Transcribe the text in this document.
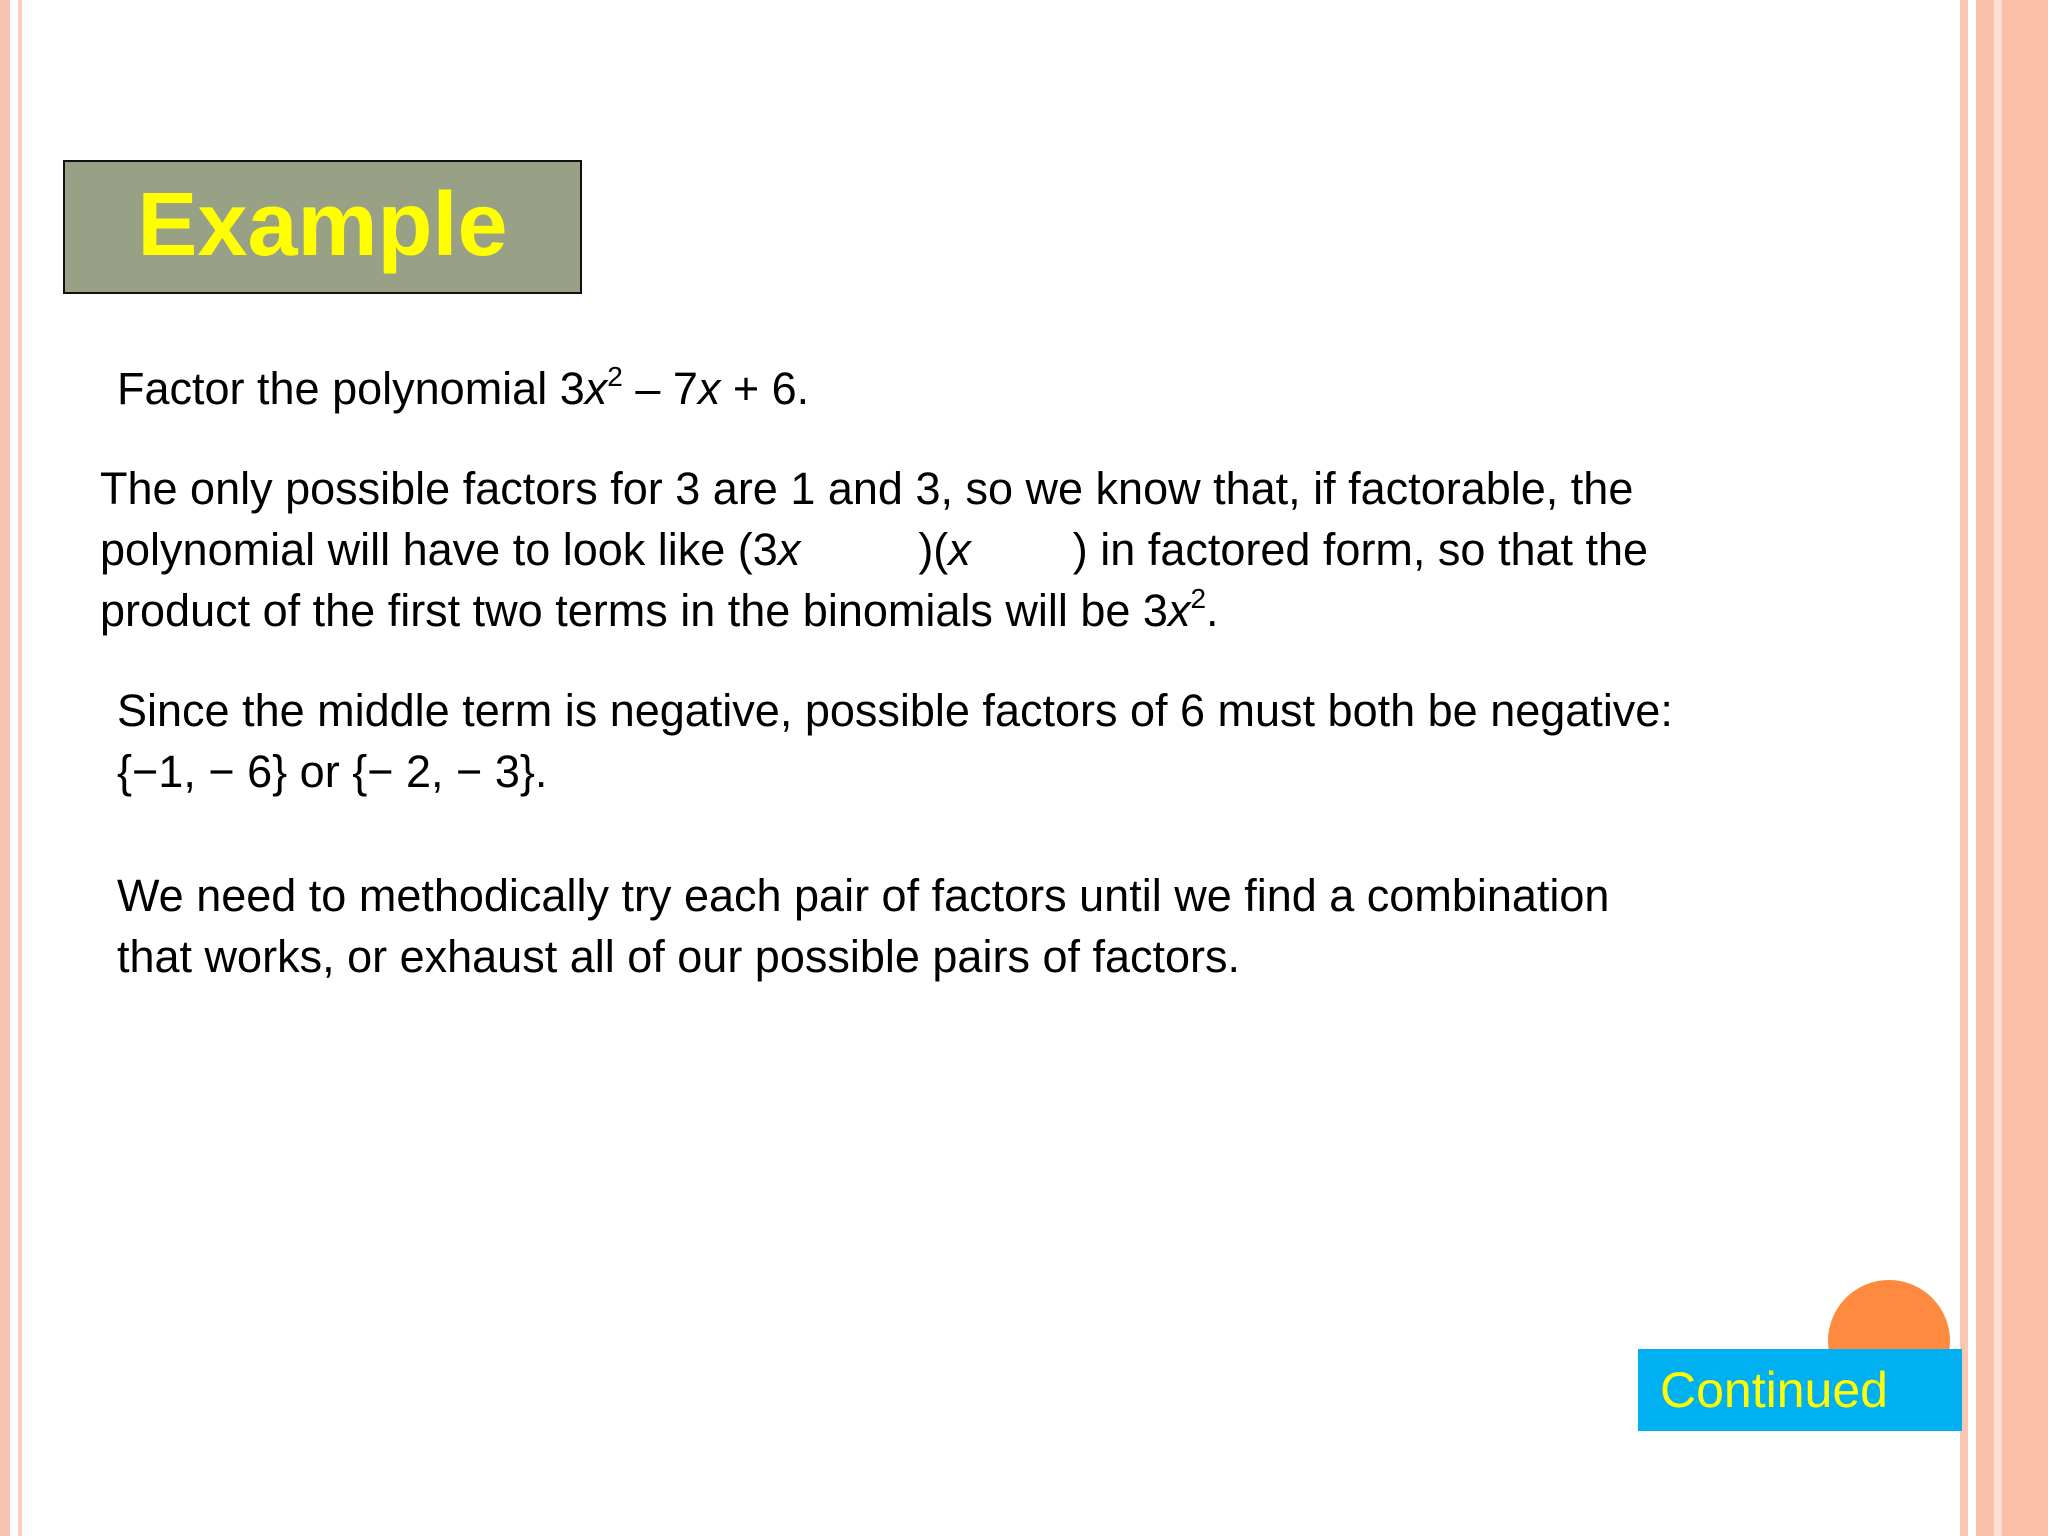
Example

Factor the polynomial $3x^2 - 7x + 6$.

The only possible factors for 3 are 1 and 3, so we know that, if factorable, the
polynomial will have to look like (3x	)(x ) in factored form, so that the
product of the first two terms in the binomials will be $3x^2$.

Since the middle term is negative, possible factors of 6 must both be negative:
{−1, − 6} or {− 2, − 3}.

We need to methodically try each pair of factors until we find a combination
that works, or exhaust all of our possible pairs of factors.

Continued
